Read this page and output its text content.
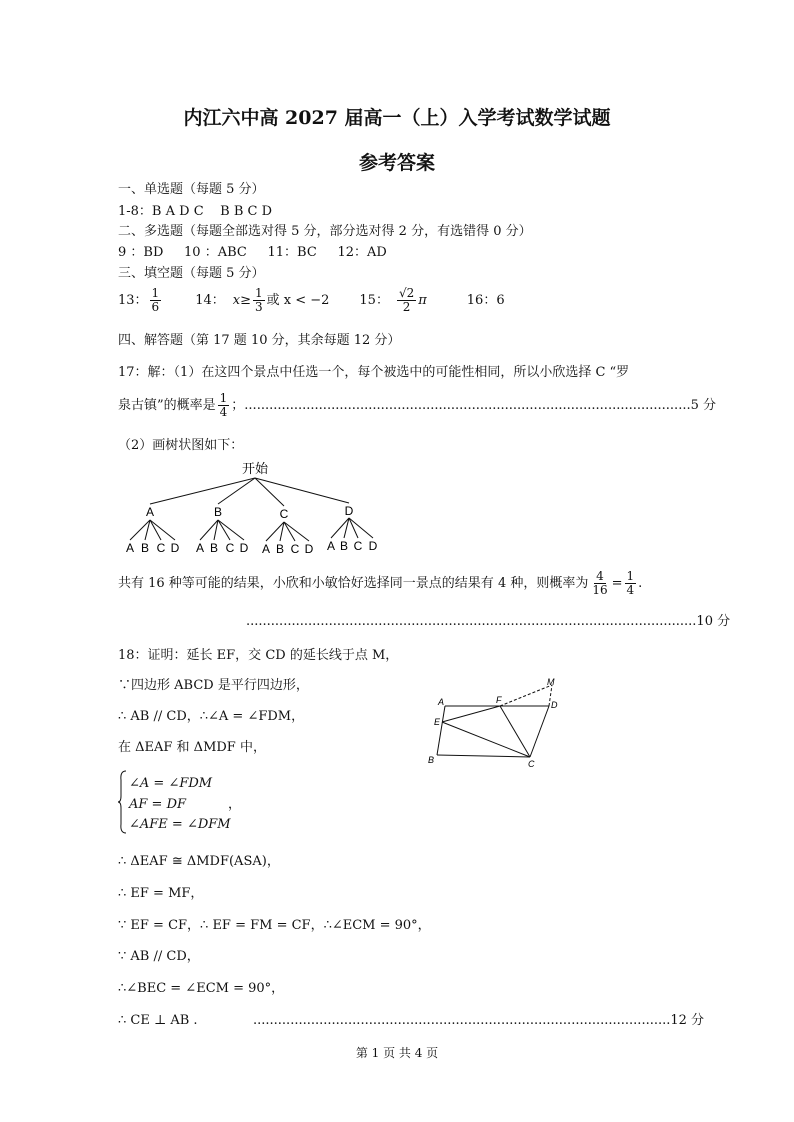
内江六中高 2027 届高一（上）入学考试数学试题
参考答案
一、单选题（每题 5 分）
1-8：B A D C    B B C D
二、多选题（每题全部选对得 5 分，部分选对得 2 分，有选错得 0 分）
9 ：BD     10 ：ABC     11：BC     12：AD
三、填空题（每题 5 分）
13： $\frac{1}{6}$	14： $x\ge \frac{1}{3}$ 或 x < −2 15： $\frac{√2}{2}$ π	16：6
四、解答题（第 17 题 10 分，其余每题 12 分）
17：解：（1）在这四个景点中任选一个，每个被选中的可能性相同，所以小欣选择 C “罗
泉古镇”的概率是 $\frac{1}{4}$ ；............................................................................................................5 分
（2）画树状图如下：
开始
A	B	C	D
A B C D A B C D A B C D A B C D
共有 16 种等可能的结果，小欣和小敏恰好选择同一景点的结果有 4 种，则概率为 $\frac{4}{16} = \frac{1}{4}$ .
.............................................................................................................10 分
18：证明：延长 EF，交 CD 的延长线于点 M，
∵四边形 ABCD 是平行四边形，
∴ AB // CD，∴∠A = ∠FDM，
在 ΔEAF 和 ΔMDF 中，
∠A = ∠FDM
AF = DF	，
∠AFE = ∠DFM
∴ ΔEAF ≅ ΔMDF(ASA)，
∴ EF = MF，
∵ EF = CF，∴ EF = FM = CF，∴∠ECM = 90°，
∵ AB // CD，
∴∠BEC = ∠ECM = 90°，
∴ CE ⊥ AB .	.....................................................................................................12 分
A
E
B	C
F	D
M
第 1 页 共 4 页
